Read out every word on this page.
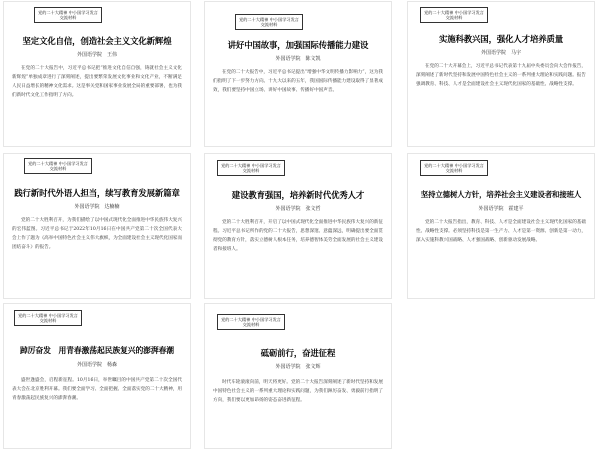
党的二十大精神 中小国学习发言交流材料
坚定文化自信，创造社会主义文化新辉煌
外国语学院　王伟
在党的二十大报告中，习近平总书记把“推进文化自信自强，铸就社会主义文化新辉煌”单独成章进行了深刻阐述，提出要繁荣发展文化事业和文化产业，不断满足人民日益增长的精神文化需求。这是事关党和国家事业发展全局的重要部署，也为我们新时代文化工作指明了方向。
党的二十大精神 中小国学习发言交流材料
讲好中国故事，加强国际传播能力建设
外国语学院　陈文凯
在党的二十大报告中，习近平总书记提出“增强中华文明传播力影响力”，这为我们指明了下一步努力方向。十九大以来的五年，我国国际传播能力建设取得了显著成效，我们要坚持中国立场、讲好中国故事、传播好中国声音。
党的二十大精神 中小国学习发言交流材料
实施科教兴国，强化人才培养质量
外国语学院　马宇
在党的二十大开幕会上，习近平总书记代表第十九届中央委员会向大会作报告，深刻阐述了新时代坚持和发展中国特色社会主义的一系列重大理论和实践问题。报告强调教育、科技、人才是全面建设社会主义现代化国家的基础性、战略性支撑。
党的二十大精神 中小国学习发言交流材料
践行新时代外语人担当，续写教育发展新篇章
外国语学院　达楠楠
党的二十大胜利召开，为我们描绘了以中国式现代化全面推进中华民族伟大复兴的宏伟蓝图。习近平总书记于2022年10月16日在中国共产党第二十次全国代表大会上作了题为《高举中国特色社会主义伟大旗帜，为全面建设社会主义现代化国家而团结奋斗》的报告。
党的二十大精神 中小国学习发言交流材料
建设教育强国，培养新时代优秀人才
外国语学院　张文哲
党的二十大胜利召开，开启了以中国式现代化全面推进中华民族伟大复兴的新征程。习近平总书记所作的党的二十大报告，思想深邃、意蕴深远，明确提出要全面贯彻党的教育方针，落实立德树人根本任务，培养德智体美劳全面发展的社会主义建设者和接班人。
党的二十大精神 中小国学习发言交流材料
坚持立德树人方针，培养社会主义建设者和接班人
外国语学院　霍建平
党的二十大报告指出，教育、科技、人才是全面建设社会主义现代化国家的基础性、战略性支撑。必须坚持科技是第一生产力、人才是第一资源、创新是第一动力，深入实施科教兴国战略、人才强国战略、创新驱动发展战略。
党的二十大精神 中小国学习发言交流材料
踔厉奋发　用青春激荡起民族复兴的澎湃春潮
外国语学院　杨森
盛世逢盛会，启程新征程。10月16日，举世瞩目的中国共产党第二十次全国代表大会在北京胜利开幕。我们要全面学习、全面把握、全面落实党的二十大精神，用青春激荡起民族复兴的澎湃春潮。
党的二十大精神 中小国学习发言交流材料
砥砺前行，奋进征程
外国语学院　张文辉
时代车轮滚滚向前，明天将更好。党的二十大报告深刻阐述了新时代坚持和发展中国特色社会主义的一系列重大理论和实践问题，为我们踔厉奋发、勇毅前行指明了方向，我们要以更加昂扬的姿态奋进新征程。
